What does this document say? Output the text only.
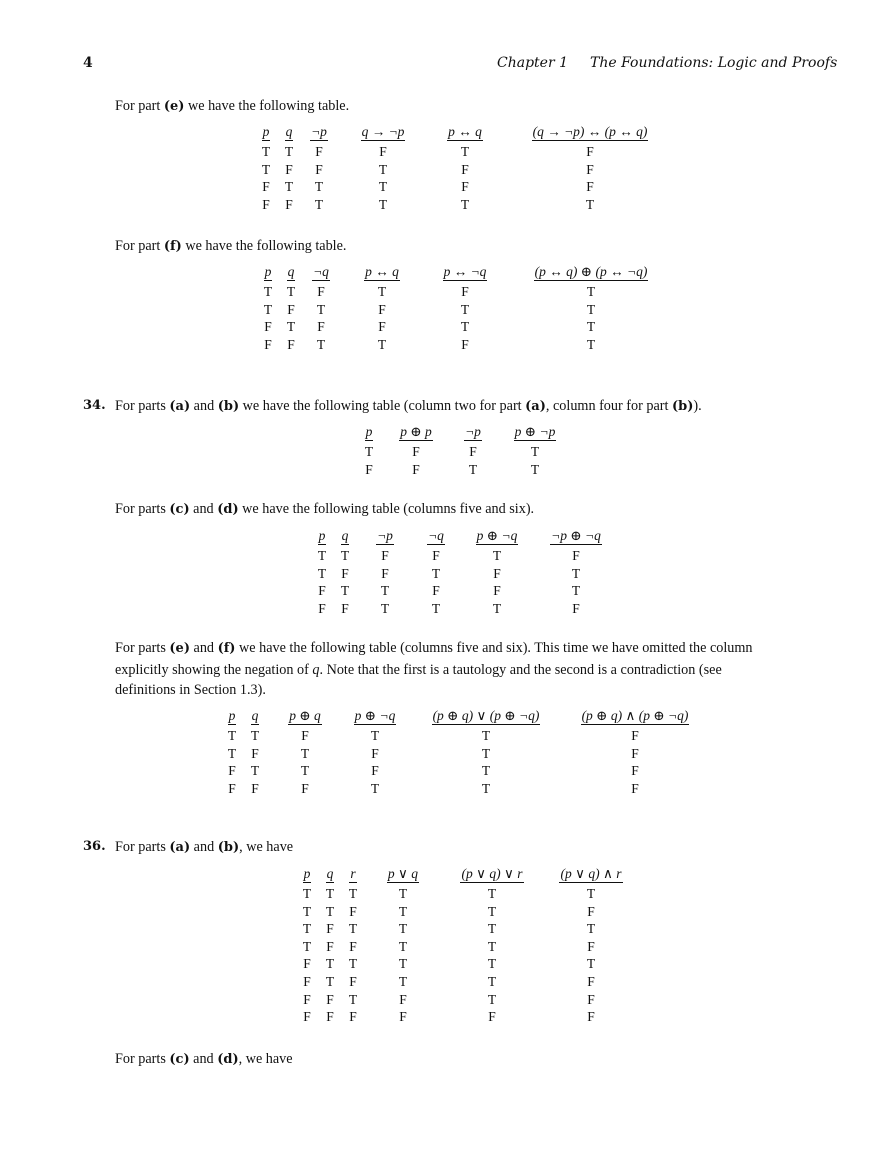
4	Chapter 1 The Foundations: Logic and Proofs
For part (e) we have the following table.
p	q	¬p	q → ¬p	p ↔ q	(q → ¬p) ↔ (p ↔ q)
T	T	F	F	T	F
T	F	F	T	F	F
F	T	T	T	F	F
F	F	T	T	T	T
For part (f) we have the following table.
p	q	¬q	p ↔ q	p ↔ ¬q	(p ↔ q) ⊕ (p ↔ ¬q)
T	T	F	T	F	T
T	F	T	F	T	T
F	T	F	F	T	T
F	F	T	T	F	T
34. For parts (a) and (b) we have the following table (column two for part (a), column four for part (b)).
p	p ⊕ p	¬p	p ⊕ ¬p
T	F	F	T
F	F	T	T
For parts (c) and (d) we have the following table (columns five and six).
p	q	¬p	¬q	p ⊕ ¬q	¬p ⊕ ¬q
T	T	F	F	T	F
T	F	F	T	F	T
F	T	T	F	F	T
F	F	T	T	T	F
For parts (e) and (f) we have the following table (columns five and six). This time we have omitted the column
explicitly showing the negation of q. Note that the first is a tautology and the second is a contradiction (see
definitions in Section 1.3).
p	q	p ⊕ q	p ⊕ ¬q	(p ⊕ q) ∨ (p ⊕ ¬q)	(p ⊕ q) ∧ (p ⊕ ¬q)
T	T	F	T	T	F
T	F	T	F	T	F
F	T	T	F	T	F
F	F	F	T	T	F
36. For parts (a) and (b), we have
p	q	r	p ∨ q	(p ∨ q) ∨ r	(p ∨ q) ∧ r
T	T	T	T	T	T
T	T	F	T	T	F
T	F	T	T	T	T
T	F	F	T	T	F
F	T	T	T	T	T
F	T	F	T	T	F
F	F	T	F	T	F
F	F	F	F	F	F
For parts (c) and (d), we have
